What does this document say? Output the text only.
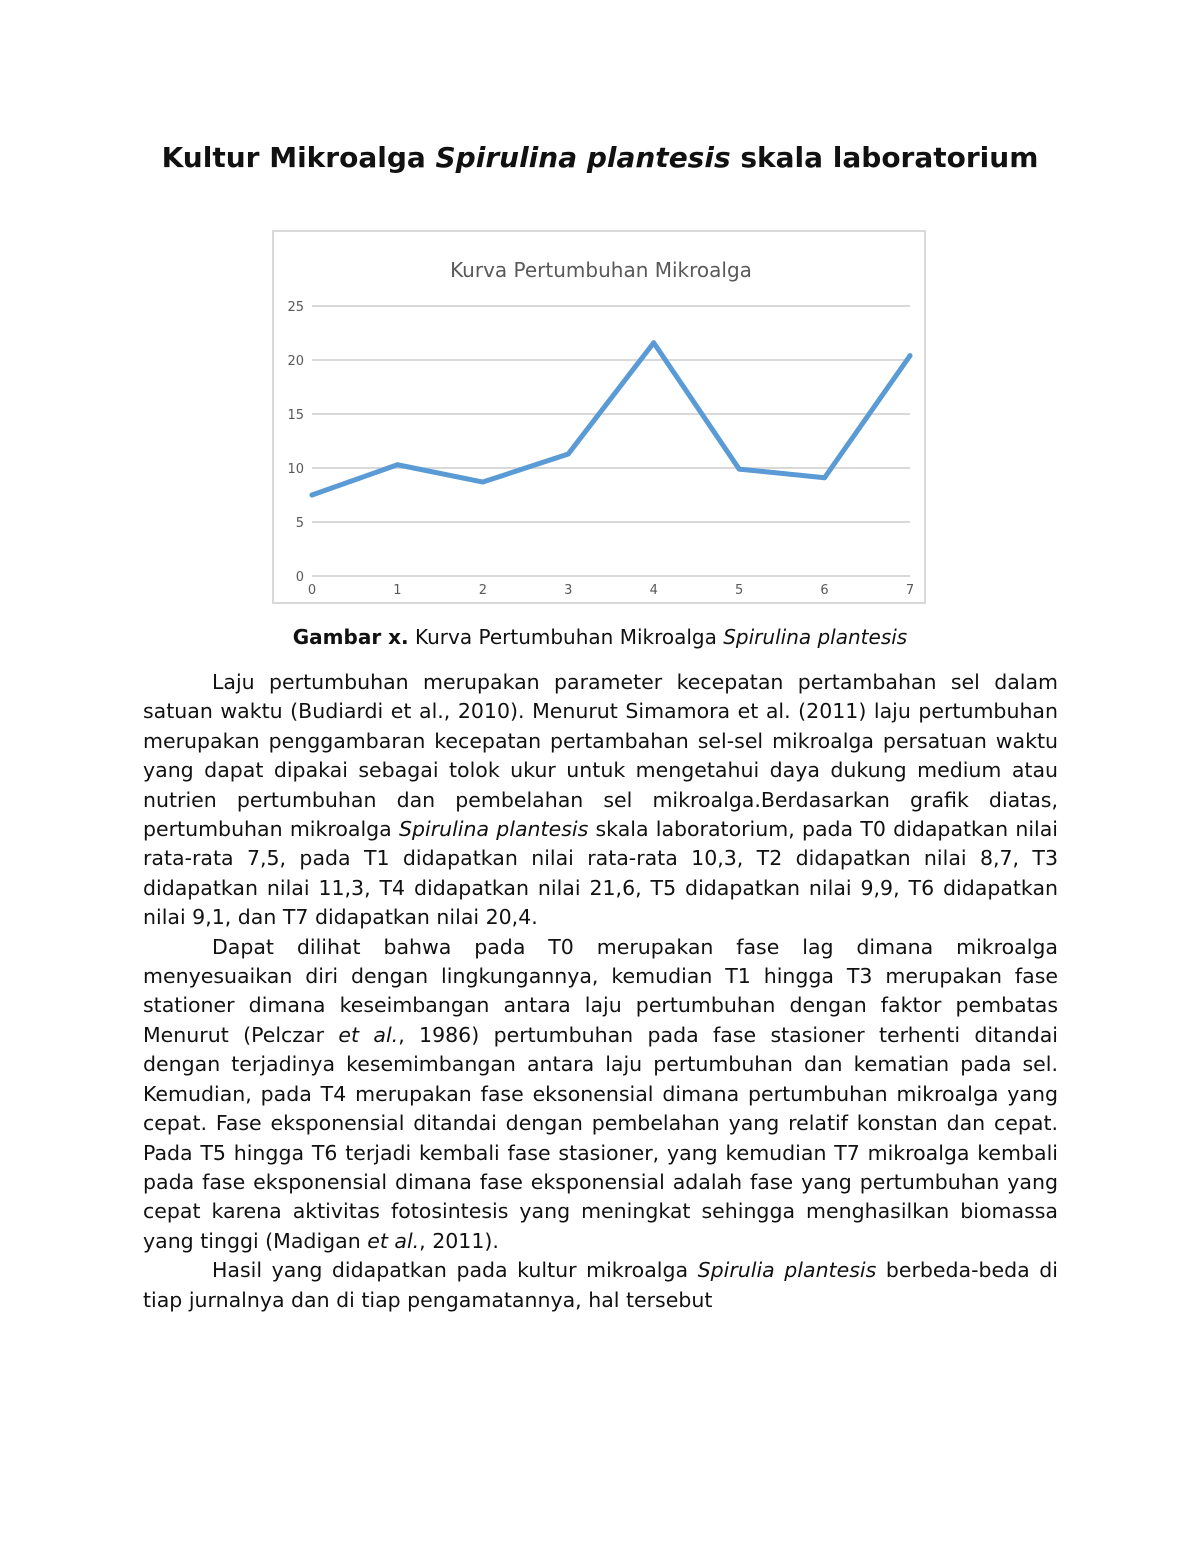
Kultur Mikroalga Spirulina plantesis skala laboratorium
Kurva Pertumbuhan Mikroalga
0
5
10
15
20
25
0	1	2	3	4	5	6	7

Gambar x. Kurva Pertumbuhan Mikroalga Spirulina plantesis

Laju pertumbuhan merupakan parameter kecepatan pertambahan sel dalam satuan waktu (Budiardi et al., 2010). Menurut Simamora et al. (2011) laju pertumbuhan merupakan penggambaran kecepatan pertambahan sel-sel mikroalga persatuan waktu yang dapat dipakai sebagai tolok ukur untuk mengetahui daya dukung medium atau nutrien pertumbuhan dan pembelahan sel mikroalga.Berdasarkan grafik diatas, pertumbuhan mikroalga Spirulina plantesis skala laboratorium, pada T0 didapatkan nilai rata-rata 7,5, pada T1 didapatkan nilai rata-rata 10,3, T2 didapatkan nilai 8,7, T3 didapatkan nilai 11,3, T4 didapatkan nilai 21,6, T5 didapatkan nilai 9,9, T6 didapatkan nilai 9,1, dan T7 didapatkan nilai 20,4.

Dapat dilihat bahwa pada T0 merupakan fase lag dimana mikroalga menyesuaikan diri dengan lingkungannya, kemudian T1 hingga T3 merupakan fase stationer dimana keseimbangan antara laju pertumbuhan dengan faktor pembatas Menurut (Pelczar et al., 1986) pertumbuhan pada fase stasioner terhenti ditandai dengan terjadinya kesemimbangan antara laju pertumbuhan dan kematian pada sel. Kemudian, pada T4 merupakan fase eksonensial dimana pertumbuhan mikroalga yang cepat. Fase eksponensial ditandai dengan pembelahan yang relatif konstan dan cepat. Pada T5 hingga T6 terjadi kembali fase stasioner, yang kemudian T7 mikroalga kembali pada fase eksponensial dimana fase eksponensial adalah fase yang pertumbuhan yang cepat karena aktivitas fotosintesis yang meningkat sehingga menghasilkan biomassa yang tinggi (Madigan et al., 2011).

Hasil yang didapatkan pada kultur mikroalga Spirulia plantesis berbeda-beda di tiap jurnalnya dan di tiap pengamatannya, hal tersebut
